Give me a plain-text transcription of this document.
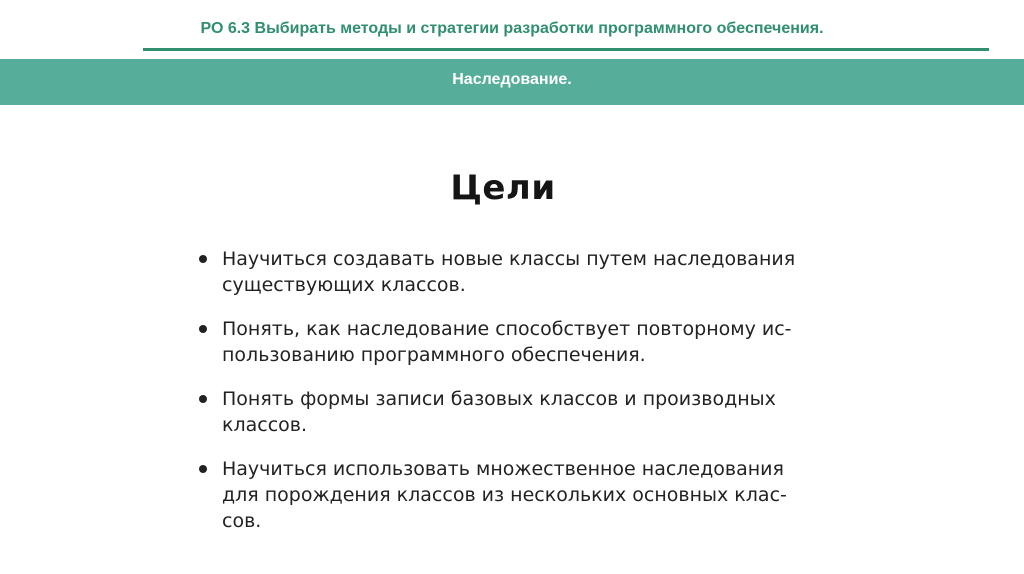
РО 6.3 Выбирать методы и стратегии разработки программного обеспечения.
Наследование.
Цели
Научиться создавать новые классы путем наследования
существующих классов.
Понять, как наследование способствует повторному ис-
пользованию программного обеспечения.
Понять формы записи базовых классов и производных
классов.
Научиться использовать множественное наследования
для порождения классов из нескольких основных клас-
сов.
